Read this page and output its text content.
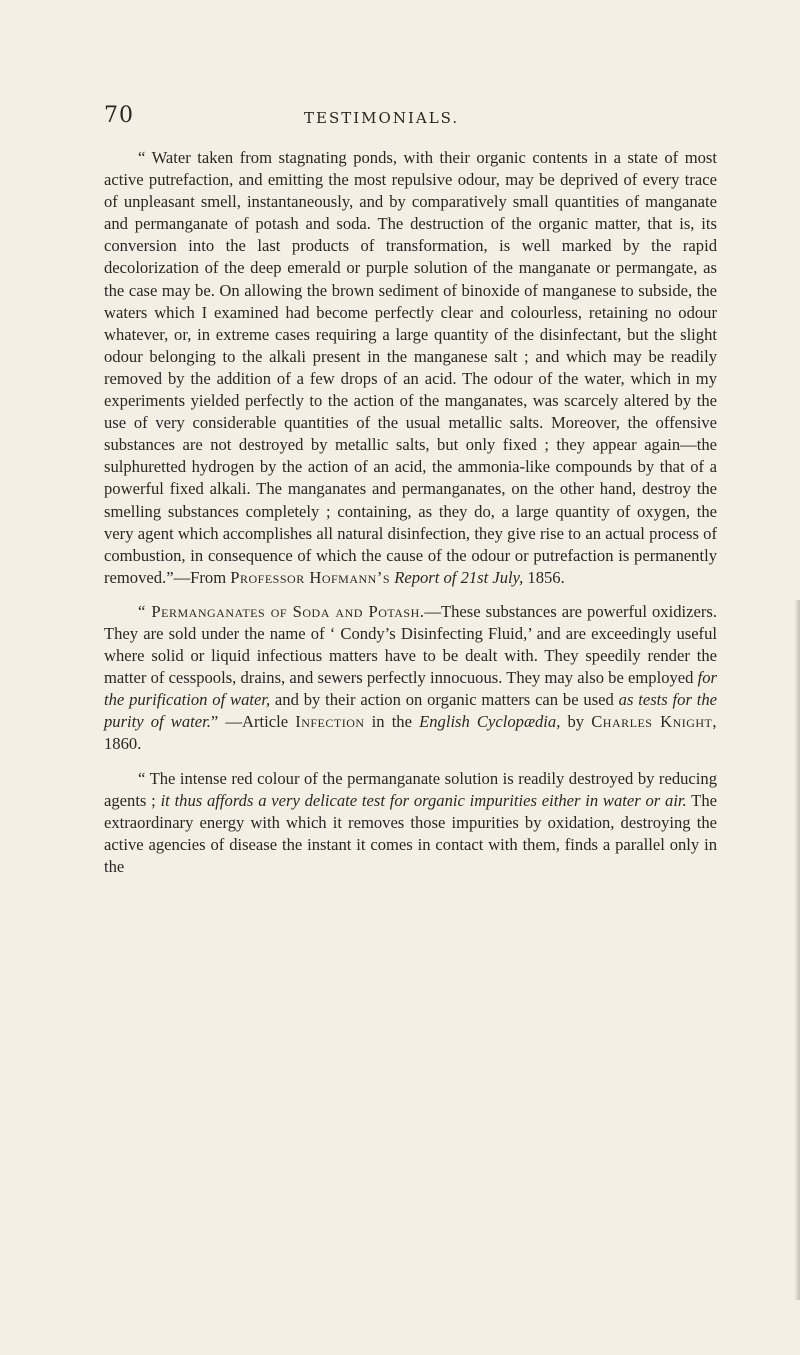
70	TESTIMONIALS.

“ Water taken from stagnating ponds, with their organic contents in a state of most active putrefaction, and emitting the most repulsive odour, may be deprived of every trace of unpleasant smell, instantaneously, and by comparatively small quantities of manganate and permanganate of potash and soda. The destruction of the organic matter, that is, its conversion into the last products of transformation, is well marked by the rapid decolorization of the deep emerald or purple solution of the manganate or permangate, as the case may be. On allowing the brown sediment of binoxide of manganese to subside, the waters which I examined had become perfectly clear and colourless, retaining no odour whatever, or, in extreme cases requiring a large quantity of the disinfectant, but the slight odour belonging to the alkali present in the manganese salt ; and which may be readily removed by the addition of a few drops of an acid. The odour of the water, which in my experiments yielded perfectly to the action of the manganates, was scarcely altered by the use of very considerable quantities of the usual metallic salts. Moreover, the offensive substances are not destroyed by metallic salts, but only fixed ; they appear again—the sulphuretted hydrogen by the action of an acid, the ammonia-like compounds by that of a powerful fixed alkali. The manganates and permanganates, on the other hand, destroy the smelling substances completely ; containing, as they do, a large quantity of oxygen, the very agent which accomplishes all natural disinfection, they give rise to an actual process of combustion, in consequence of which the cause of the odour or putrefaction is permanently removed.”—From Professor Hofmann’s Report of 21st July, 1856.

“ Permanganates of Soda and Potash.—These substances are powerful oxidizers. They are sold under the name of ‘ Condy’s Disinfecting Fluid,’ and are exceedingly useful where solid or liquid infectious matters have to be dealt with. They speedily render the matter of cesspools, drains, and sewers perfectly innocuous. They may also be employed for the purification of water, and by their action on organic matters can be used as tests for the purity of water.” —Article Infection in the English Cyclopædia, by Charles Knight, 1860.

“ The intense red colour of the permanganate solution is readily destroyed by reducing agents ; it thus affords a very delicate test for organic impurities either in water or air. The extraordinary energy with which it removes those impurities by oxidation, destroying the active agencies of disease the instant it comes in contact with them, finds a parallel only in the
